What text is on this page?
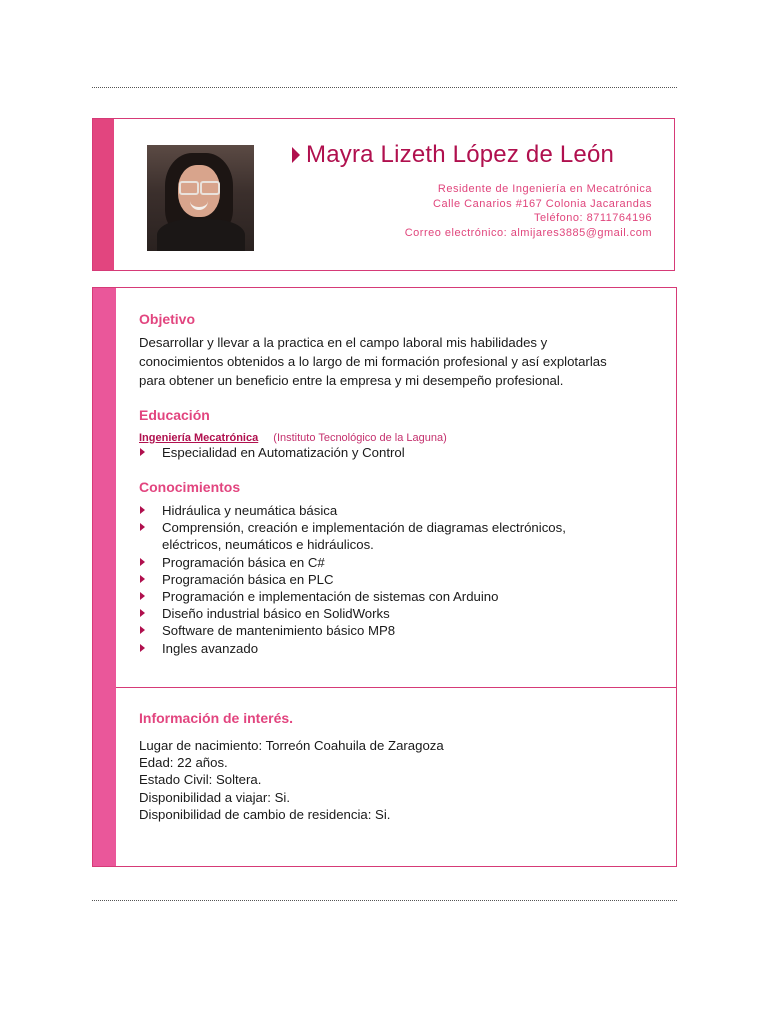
Mayra Lizeth López de León
Residente de Ingeniería en Mecatrónica
Calle Canarios #167 Colonia Jacarandas
Teléfono: 8711764196
Correo electrónico: almijares3885@gmail.com
Objetivo
Desarrollar y llevar a la practica en el campo laboral mis habilidades y
conocimientos obtenidos a lo largo de mi formación profesional y así explotarlas
para obtener un beneficio entre la empresa y mi desempeño profesional.
Educación
Ingeniería Mecatrónica (Instituto Tecnológico de la Laguna)
Especialidad en Automatización y Control
Conocimientos
Hidráulica y neumática básica
Comprensión, creación e implementación de diagramas electrónicos,
eléctricos, neumáticos e hidráulicos.
Programación básica en C#
Programación básica en PLC
Programación e implementación de sistemas con Arduino
Diseño industrial básico en SolidWorks
Software de mantenimiento básico MP8
Ingles avanzado
Información de interés.
Lugar de nacimiento: Torreón Coahuila de Zaragoza
Edad: 22 años.
Estado Civil: Soltera.
Disponibilidad a viajar: Si.
Disponibilidad de cambio de residencia: Si.
